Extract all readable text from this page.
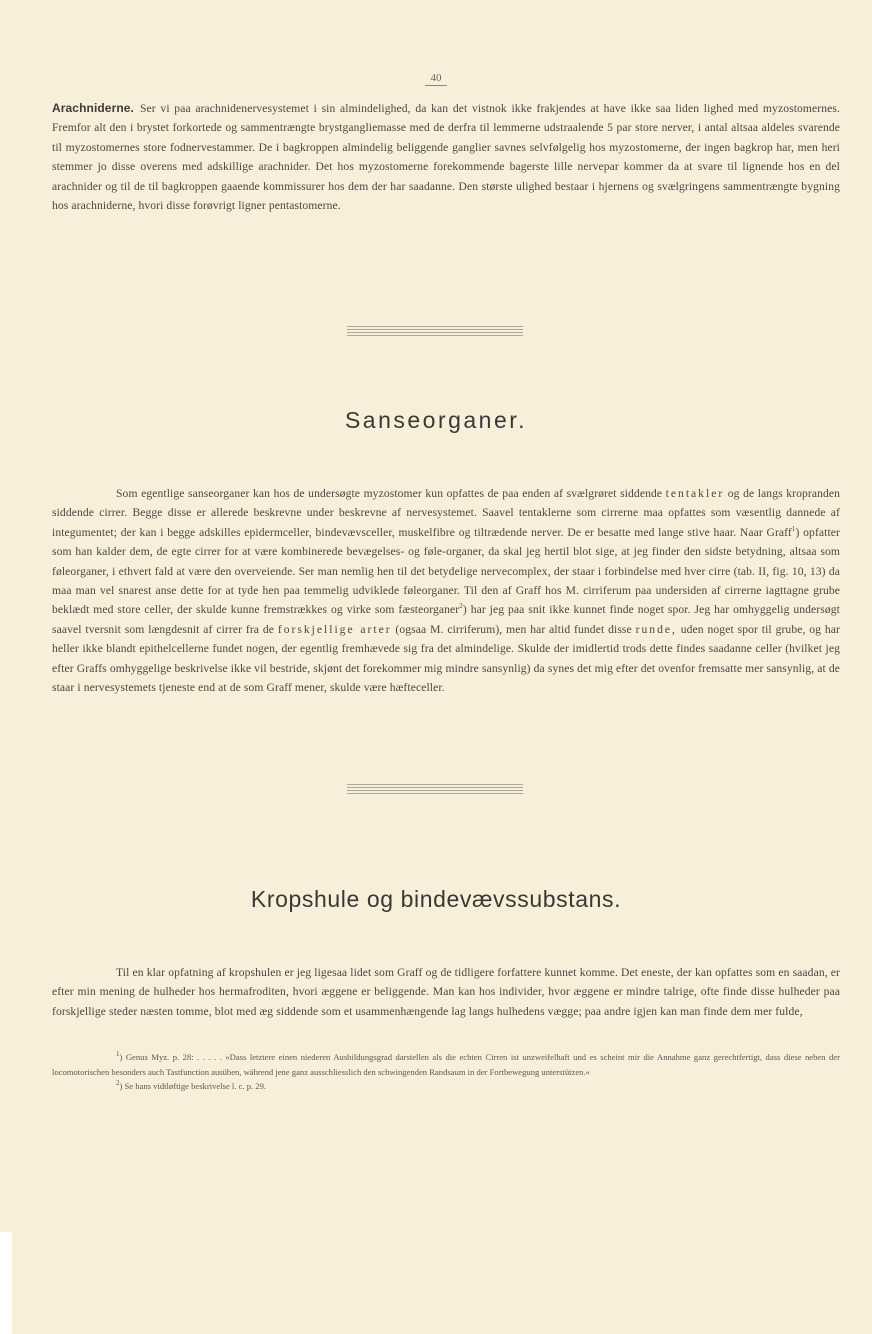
40

Arachniderne. Ser vi paa arachnidenervesystemet i sin almindelighed, da kan det vistnok ikke frakjendes at have ikke saa liden lighed med myzostomernes. Fremfor alt den i brystet forkortede og sammentrængte brystgangliemasse med de derfra til lemmerne udstraalende 5 par store nerver, i antal altsaa aldeles svarende til myzostomernes store fodnervestammer. De i bagkroppen almindelig beliggende ganglier savnes selvfølgelig hos myzostomerne, der ingen bagkrop har, men heri stemmer jo disse overens med adskillige arachnider. Det hos myzostomerne forekommende bagerste lille nervepar kommer da at svare til lignende hos en del arachnider og til de til bagkroppen gaaende kommissurer hos dem der har saadanne. Den største ulighed bestaar i hjernens og svælgringens sammentrængte bygning hos arachniderne, hvori disse forøvrigt ligner pentastomerne.

Sanseorganer.

Som egentlige sanseorganer kan hos de undersøgte myzostomer kun opfattes de paa enden af svælgrøret siddende tentakler og de langs kropranden siddende cirrer. Begge disse er allerede beskrevne under beskrevne af nervesystemet. Saavel tentaklerne som cirrerne maa opfattes som væsentlig dannede af integumentet; der kan i begge adskilles epidermceller, bindevævsceller, muskelfibre og tiltrædende nerver. De er besatte med lange stive haar. Naar Graff$^1$) opfatter som han kalder dem, de egte cirrer for at være kombinerede bevægelses- og føle-organer, da skal jeg hertil blot sige, at jeg finder den sidste betydning, altsaa som føleorganer, i ethvert fald at være den overveiende. Ser man nemlig hen til det betydelige nervecomplex, der staar i forbindelse med hver cirre (tab. II, fig. 10, 13) da maa man vel snarest anse dette for at tyde hen paa temmelig udviklede føleorganer. Til den af Graff hos M. cirriferum paa undersiden af cirrerne iagttagne grube beklædt med store celler, der skulde kunne fremstrækkes og virke som fæsteorganer$^2$) har jeg paa snit ikke kunnet finde noget spor. Jeg har omhyggelig undersøgt saavel tversnit som længdesnit af cirrer fra de forskjellige arter (ogsaa M. cirriferum), men har altid fundet disse runde, uden noget spor til grube, og har heller ikke blandt epithelcellerne fundet nogen, der egentlig fremhævede sig fra det almindelige. Skulde der imidlertid trods dette findes saadanne celler (hvilket jeg efter Graffs omhyggelige beskrivelse ikke vil bestride, skjønt det forekommer mig mindre sansynlig) da synes det mig efter det ovenfor fremsatte mer sansynlig, at de staar i nervesystemets tjeneste end at de som Graff mener, skulde være hæfteceller.

Kropshule og bindevævssubstans.

Til en klar opfatning af kropshulen er jeg ligesaa lidet som Graff og de tidligere forfattere kunnet komme. Det eneste, der kan opfattes som en saadan, er efter min mening de hulheder hos hermafroditen, hvori æggene er beliggende. Man kan hos individer, hvor æggene er mindre talrige, ofte finde disse hulheder paa forskjellige steder næsten tomme, blot med æg siddende som et usammenhængende lag langs hulhedens vægge; paa andre igjen kan man finde dem mer fulde,

$^1$) Genus Myz. p. 28: . . . . . »Dass letztere einen niederen Ausbildungsgrad darstellen als die echten Cirren ist unzweifelhaft und es scheint mir die Annahme ganz gerechtfertigt, dass diese neben der locomotorischen besonders auch Tastfunction ausüben, während jene ganz ausschliesslich den schwingenden Randsaum in der Fortbewegung unterstützen.«

$^2$) Se hans vidtløftige beskrivelse l. c. p. 29.
